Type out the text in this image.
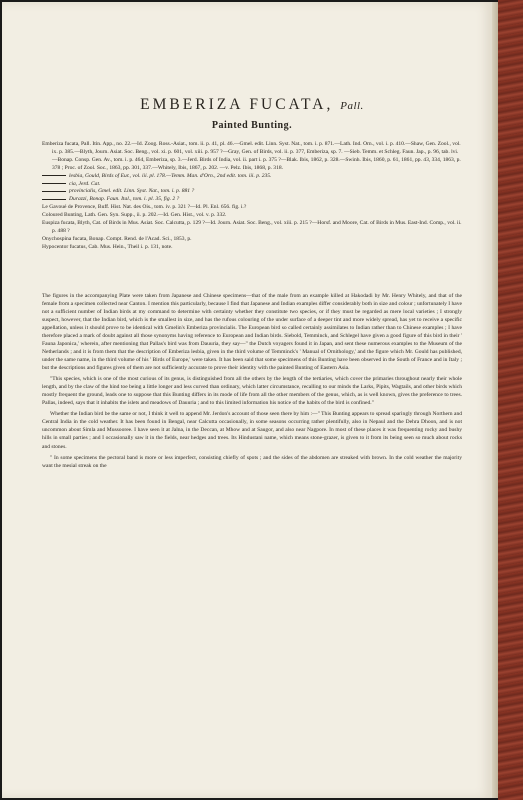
EMBERIZA FUCATA, Pall.
Painted Bunting.

Emberiza fucata, Pall. Itin. App., no. 22.—Id. Zoog. Ross.-Asiat., tom. ii. p. 41, pl. 46.—Gmel. edit. Linn. Syst. Nat., tom. i. p. 871.—Lath. Ind. Orn., vol. i. p. 410.—Shaw, Gen. Zool., vol. ix. p. 385.—Blyth, Journ. Asiat. Soc. Beng., vol. xi. p. 601, vol. xiii. p. 957 ?—Gray, Gen. of Birds, vol. ii. p. 377, Emberiza, sp. 7. —Sieb. Temm. et Schleg. Faun. Jap., p. 96, tab. lvi.—Bonap. Consp. Gen. Av., tom. i. p. 464, Emberiza, sp. 3.—Jerd. Birds of India, vol. ii. part i. p. 375 ?—Blak. Ibis, 1862, p. 328.—Swinh. Ibis, 1860, p. 61, 1861, pp. 43, 334, 1863, p. 378 ; Proc. of Zool. Soc., 1863, pp. 301, 337.—Whitely, Ibis, 1867, p. 202. —v. Pelz. Ibis, 1868, p. 318.

lesbia, Gould, Birds of Eur., vol. iii. pl. 178.—Temm. Man. d'Orn., 2nd edit. tom. iii. p. 235.

cia, Jerd. Cat.

provincialis, Gmel. edit. Linn. Syst. Nat., tom. i. p. 881 ?

Durazzi, Bonap. Faun. Ital., tom. i. pl. 35, fig. 2 ?

Le Gavoué de Provence, Buff. Hist. Nat. des Ois., tom. iv. p. 321 ?—Id. Pl. Enl. 656. fig. i.?

Coloured Bunting, Lath. Gen. Syn. Supp., ii. p. 202.—Id. Gen. Hist., vol. v. p. 332.

Euspiza fucata, Blyth, Cat. of Birds in Mus. Asiat. Soc. Calcutta, p. 129 ?—Id. Journ. Asiat. Soc. Beng., vol. xiii. p. 215 ?—Horsf. and Moore, Cat. of Birds in Mus. East-Ind. Comp., vol. ii. p. 488 ?

Onychospina fucata, Bonap. Compt. Rend. de l'Acad. Sci., 1853, p.

Hypocentor fucatus, Cab. Mus. Hein., Theil i. p. 131, note.

The figures in the accompanying Plate were taken from Japanese and Chinese specimens—that of the male from an example killed at Hakodadi by Mr. Henry Whitely, and that of the female from a specimen collected near Canton. I mention this particularly, because I find that Japanese and Indian examples differ considerably both in size and colour ; unfortunately I have not a sufficient number of Indian birds at my command to determine with certainty whether they constitute two species, or if they must be regarded as mere local varieties ; I strongly suspect, however, that the Indian bird, which is the smallest in size, and has the rufous colouring of the under surface of a deeper tint and more widely spread, has yet to receive a specific appellation, unless it should prove to be identical with Gmelin's Emberiza provincialis. The European bird so called certainly assimilates to Indian rather than to Chinese examples ; I have therefore placed a mark of doubt against all those synonyms having reference to European and Indian birds. Siebold, Temminck, and Schlegel have given a good figure of this bird in their ' Fauna Japonica,' wherein, after mentioning that Pallas's bird was from Dauuria, they say—" the Dutch voyagers found it in Japan, and sent these numerous examples to the Museum of the Netherlands ; and it is from them that the description of Emberiza lesbia, given in the third volume of Temminck's ' Manual of Ornithology,' and the figure which Mr. Gould has published, under the same name, in the third volume of his ' Birds of Europe,' were taken. It has been said that some specimens of this Bunting have been observed in the South of France and in Italy ; but the descriptions and figures given of them are not sufficiently accurate to prove their identity with the painted Bunting of Eastern Asia.

"This species, which is one of the most curious of its genus, is distinguished from all the others by the length of the tertiaries, which cover the primaries throughout nearly their whole length, and by the claw of the hind toe being a little longer and less curved than ordinary, which latter circumstance, recalling to our minds the Larks, Pipits, Wagtails, and other birds which mostly frequent the ground, leads one to suppose that this Bunting differs in its mode of life from all the other members of the genus, which, as is well known, gives the preference to trees. Pallas, indeed, says that it inhabits the islets and meadows of Dauuria ; and to this limited information his notice of the habits of the bird is confined."

Whether the Indian bird be the same or not, I think it well to append Mr. Jerdon's account of those seen there by him :—" This Bunting appears to spread sparingly through Northern and Central India in the cold weather. It has been found in Bengal, near Calcutta occasionally, in some seasons occurring rather plentifully, also in Nepaul and the Dehra Dhoon, and is not uncommon about Simla and Mussooree. I have seen it at Jalna, in the Deccan, at Mhow and at Saugor, and also near Nagpore. In most of these places it was frequenting rocky and bushy hills in small parties ; and I occasionally saw it in the fields, near hedges and trees. Its Hindustani name, which means stone-grazer, is given to it from its being seen so much about rocks and stones.

" In some specimens the pectoral band is more or less imperfect, consisting chiefly of spots ; and the sides of the abdomen are streaked with brown. In the cold weather the majority want the mesial streak on the
